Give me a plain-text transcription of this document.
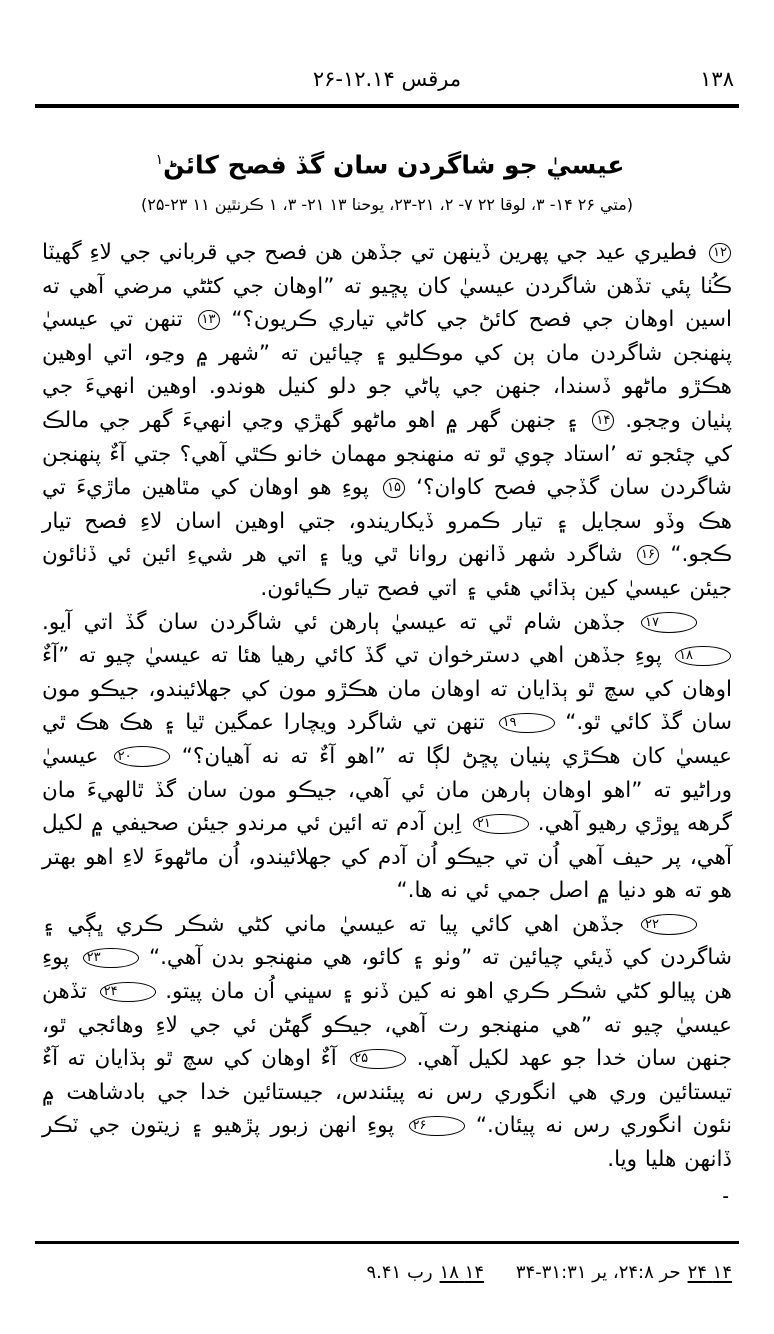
۱۳۸
مرقس ۱۲.۱۴-۲۶
عيسيٰ جو شاگردن سان گڏ فصح کائڻ$^۱$
(متي ۲۶ ۱۴- ۳، لوقا ۲۲ ۷- ۲، ۲۱-۲۳، يوحنا ۱۳ ۲۱- ۳، ۱ ڪرنٿين ۱۱ ۲۳-۲۵)

۱۲ فطيري عيد جي پهرين ڏينهن تي جڏهن هن فصح جي قرباني جي لاءِ گهيٽا ڪُٺا پئي تڏهن شاگردن عيسيٰ کان پڇيو ته ”اوهان جي کڻڻي مرضي آهي ته اسين اوهان جي فصح کائڻ جي کاڻي تياري ڪريون؟“ ۱۳ تنهن تي عيسيٰ پنهنجن شاگردن مان ٻن کي موڪليو ۽ چيائين ته ”شهر ۾ وڃو، اتي اوهين هڪڙو ماڻهو ڏسندا، جنهن جي پاڻي جو دلو کنيل هوندو. اوهين انهيءَ جي پٺيان وڃجو. ۱۴ ۽ جنهن گهر ۾ اهو ماڻهو گهڙي وڃي انهيءَ گهر جي مالڪ کي چئجو ته ’استاد چوي ٿو ته منهنجو مهمان خانو ڪٿي آهي؟ جتي آءٌ پنهنجن شاگردن سان گڏجي فصح کاوان؟‘ ۱۵ پوءِ هو اوهان کي مٿاهين ماڙيءَ تي هڪ وڏو سجايل ۽ تيار ڪمرو ڏيکاريندو، جتي اوهين اسان لاءِ فصح تيار ڪجو.“ ۱۶ شاگرد شهر ڏانهن روانا ٿي ويا ۽ اتي هر شيءِ ائين ئي ڏٺائون جيئن عيسيٰ کين ٻڌائي هئي ۽ اتي فصح تيار ڪيائون.

۱۷ جڏهن شام ٿي ته عيسيٰ ٻارهن ئي شاگردن سان گڏ اتي آيو. ۱۸ پوءِ جڏهن اهي دسترخوان تي گڏ کائي رهيا هئا ته عيسيٰ چيو ته ”آءٌ اوهان کي سچ ٿو ٻڌايان ته اوهان مان هڪڙو مون کي جهلائيندو، جيڪو مون سان گڏ کائي ٿو.“ ۱۹ تنهن تي شاگرد ويچارا عمگين ٿيا ۽ هڪ هڪ ٿي عيسيٰ کان هڪڙي پنيان پڇڻ لڳا ته ”اهو آءٌ ته نه آهيان؟“ ۲۰ عيسيٰ وراڻيو ته ”اهو اوهان ٻارهن مان ئي آهي، جيڪو مون سان گڏ ٿالهيءَ مان گرهه ڀوڙي رهيو آهي. ۲۱ اِبن آدم ته ائين ئي مرندو جيئن صحيفي ۾ لکيل آهي، پر حيف آهي اُن تي جيڪو اُن آدم کي جهلائيندو، اُن ماڻهوءَ لاءِ اهو بهتر هو ته هو دنيا ۾ اصل جمي ئي نه ها.“

۲۲ جڏهن اهي کائي پيا ته عيسيٰ ماني کڻي شڪر ڪري ڀڳي ۽ شاگردن کي ڏيئي چيائين ته ”وٺو ۽ کائو، هي منهنجو بدن آهي.“ ۲۳ پوءِ هن پيالو کڻي شڪر ڪري اهو نه کين ڏنو ۽ سڀني اُن مان پيتو. ۲۴ تڏهن عيسيٰ چيو ته ”هي منهنجو رت آهي، جيڪو گهڻن ئي جي لاءِ وهائجي ٿو، جنهن سان خدا جو عهد لکيل آهي. ۲۵ آءٌ اوهان کي سچ ٿو ٻڌايان ته آءٌ تيستائين وري هي انگوري رس نه پيئندس، جيستائين خدا جي بادشاهت ۾ نئون انگوري رس نه پيئان.“ ۲۶ پوءِ انهن زبور پڙهيو ۽ زيتون جي ٽڪر ڏانهن هليا ويا.

۔
۱۴ ۲۴حر ۲۴:۸، یر ۳۱:۳۱-۳۴ ۱۴ ۱۸رب ۹.۴۱
